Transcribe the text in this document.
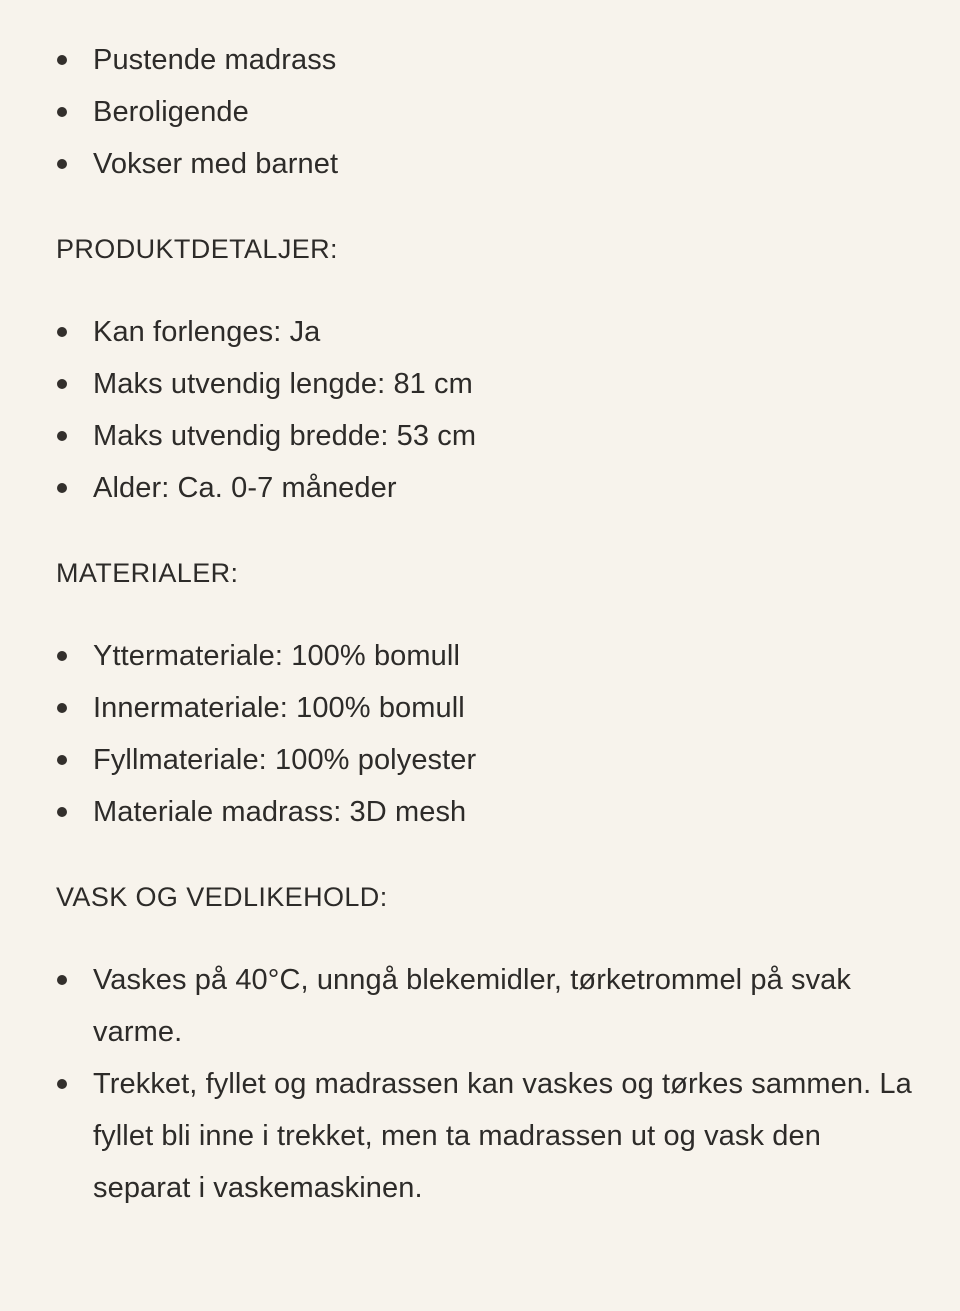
Pustende madrass
Beroligende
Vokser med barnet
PRODUKTDETALJER:
Kan forlenges: Ja
Maks utvendig lengde: 81 cm
Maks utvendig bredde: 53 cm
Alder: Ca. 0-7 måneder
MATERIALER:
Yttermateriale: 100% bomull
Innermateriale: 100% bomull
Fyllmateriale: 100% polyester
Materiale madrass: 3D mesh
VASK OG VEDLIKEHOLD:
Vaskes på 40°C, unngå blekemidler, tørketrommel på svak varme.
Trekket, fyllet og madrassen kan vaskes og tørkes sammen. La fyllet bli inne i trekket, men ta madrassen ut og vask den separat i vaskemaskinen.
